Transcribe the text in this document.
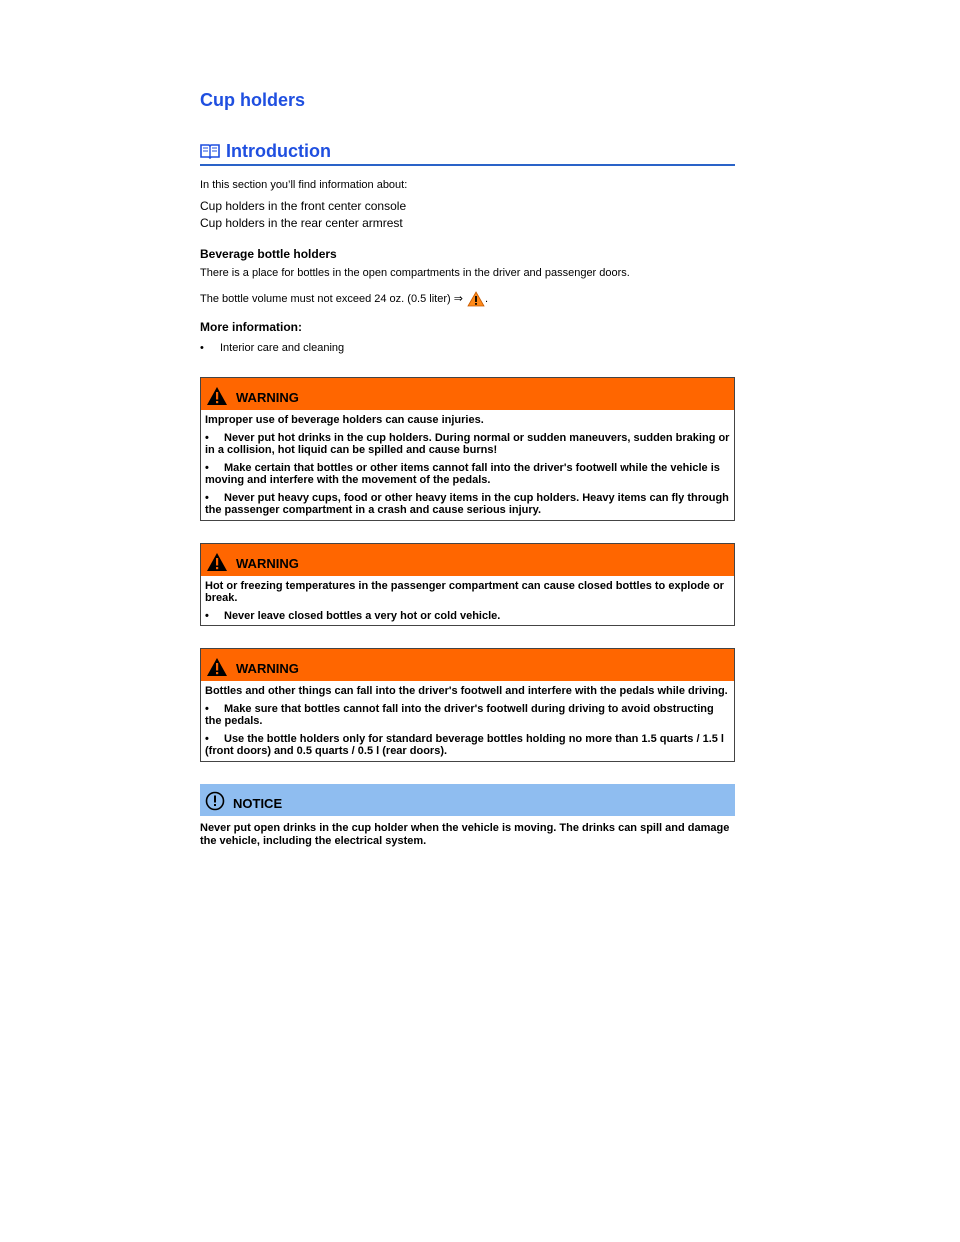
Cup holders
Introduction
In this section you’ll find information about:
Cup holders in the front center console
Cup holders in the rear center armrest
Beverage bottle holders
There is a place for bottles in the open compartments in the driver and passenger doors.
The bottle volume must not exceed 24 oz. (0.5 liter) ⇒ .
More information:
•	Interior care and cleaning
WARNING

Improper use of beverage holders can cause injuries.

• Never put hot drinks in the cup holders. During normal or sudden maneuvers, sudden braking or in a collision, hot liquid can be spilled and cause burns!
• Make certain that bottles or other items cannot fall into the driver's footwell while the vehicle is moving and interfere with the movement of the pedals.
• Never put heavy cups, food or other heavy items in the cup holders. Heavy items can fly through the passenger compartment in a crash and cause serious injury.
WARNING

Hot or freezing temperatures in the passenger compartment can cause closed bottles to explode or break.

• Never leave closed bottles a very hot or cold vehicle.
WARNING

Bottles and other things can fall into the driver's footwell and interfere with the pedals while driving.

• Make sure that bottles cannot fall into the driver's footwell during driving to avoid obstructing the pedals.
• Use the bottle holders only for standard beverage bottles holding no more than 1.5 quarts / 1.5 l (front doors) and 0.5 quarts / 0.5 l (rear doors).
NOTICE
Never put open drinks in the cup holder when the vehicle is moving. The drinks can spill and damage the vehicle, including the electrical system.
